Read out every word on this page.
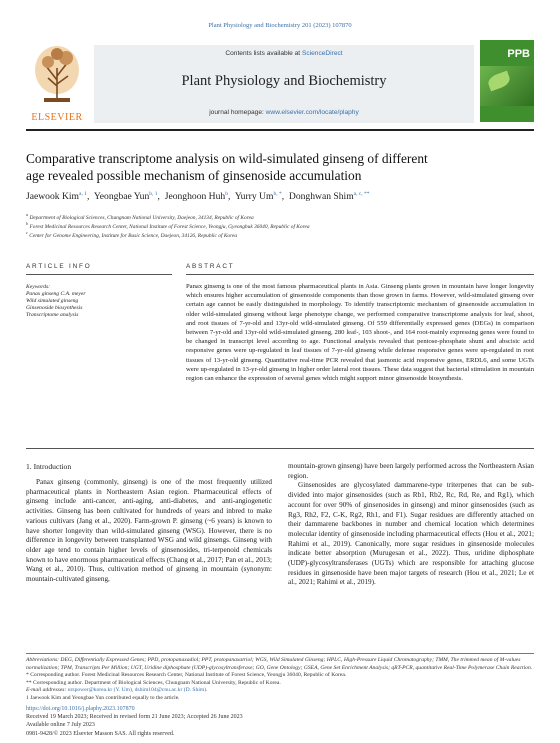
Plant Physiology and Biochemistry 201 (2023) 107870
ELSEVIER
Contents lists available at ScienceDirect
Plant Physiology and Biochemistry
journal homepage: www.elsevier.com/locate/plaphy
PPB
Comparative transcriptome analysis on wild-simulated ginseng of different
age revealed possible mechanism of ginsenoside accumulation
Jaewook Kim$^{a, 1}$,  Yeongbae Yun$^{b, 1}$,  Jeonghoon Huh$^b$,  Yurry $Um^{b, *}$,  Donghwan Shim$^{a, c, **}$
$^a$ Department of Biological Sciences, Chungnam National University, Daejeon, 34134, Republic of Korea
$^b$ Forest Medicinal Resources Research Center, National Institute of Forest Science, Yeongju, Gyeongbuk 36040, Republic of Korea
$^c$ Center for Genome Engineering, Institute for Basic Science, Daejeon, 34126, Republic of Korea
ARTICLE INFO
Keywords:
Panax ginseng C.A. meyer
Wild simulated ginseng
Ginsenoside biosynthesis
Transcriptome analysis
ABSTRACT
Panax ginseng is one of the most famous pharmaceutical plants in Asia. Ginseng plants grown in mountain have longer longevity which ensures higher accumulation of ginsenoside components than those grown in farms. However, wild-simulated ginseng over certain age cannot be easily distinguished in morphology. To identify transcriptomic mechanism of ginsenoside accumulation in older wild-simulated ginseng without large phenotype change, we performed comparative transcriptome analysis for leaf, shoot, and root tissues of 7-yr-old and 13yr-old wild-simulated ginseng. Of 559 differentially expressed genes (DEGs) in comparison between 7-yr-old and 13yr-old wild-simulated ginseng, 280 leaf-, 103 shoot-, and 164 root-mainly expressing genes were found to be changed in transcript level according to age. Functional analysis revealed that pentose-phosphate shunt and abscisic acid responsive genes were up-regulated in leaf tissues of 7-yr-old ginseng while defense responsive genes were up-regulated in root tissues of 13-yr-old ginseng. Quantitative real-time PCR revealed that jasmonic acid responsive genes, ERDL6, and some UGTs were up-regulated in 13-yr-old ginseng in higher order lateral root tissues. These data suggest that bacterial stimulation in mountain region can enhance the expression of several genes which might support minor ginsenoside biosynthesis.
1. Introduction
Panax ginseng (commonly, ginseng) is one of the most frequently utilized pharmaceutical plants in Northeastern Asian region. Pharmaceutical effects of ginseng include anti-cancer, anti-aging, anti-diabetes, and anti-angiogenetic activities. Ginseng has been cultivated for hundreds of years and inbred to make various cultivars (Jang et al., 2020). Farm-grown P. ginseng (~6 years) is known to have shorter longevity than wild-simulated ginseng (WSG). However, there is no difference in longevity between transplanted WSG and wild ginsengs. Ginseng with older age tend to contain higher levels of ginsenosides, tri-terpenoid chemicals known to have enormous pharmaceutical effects (Chang et al., 2017; Pan et al., 2013; Wang et al., 2010). Thus, cultivation method of ginseng in mountain (synonym: mountain-cultivated ginseng,
mountain-grown ginseng) have been largely performed across the Northeastern Asian region.
Ginsenosides are glycosylated dammarene-type triterpenes that can be sub-divided into major ginsenosides (such as Rb1, Rb2, Rc, Rd, Re, and Rg1), which account for over 90% of ginsenosides in ginseng) and minor ginsenosides (such as Rg3, Rh2, F2, C-K, Rg2, Rh1, and F1). Sugar residues are differently attached on their dammarene backbones in number and chemical location which determines molecular identity of ginsenoside including pharmaceutical effects (Hou et al., 2021; Rahimi et al., 2019). Canonically, more sugar residues in ginsenoside molecules indicate better absorption (Murugesan et al., 2022). Thus, uridine diphosphate (UDP)-glycosyltransferases (UGTs) which are responsible for attaching glucose residues in ginsenoside have been major targets of research (Hou et al., 2021; Le et al., 2021; Rahimi et al., 2019).
Abbreviations: DEG, Differentially Expressed Genes; PPD, protopanaxadiol; PPT, protopanaxatriol; WGS, Wild Simulated Ginseng; HPLC, High-Pressure Liquid Chromatography; TMM, The trimmed mean of M-values normalization; TPM, Transcripts Per Million; UGT, Uridine diphosphate (UDP)-glycosyltransferase; GO, Gene Ontology; GSEA, Gene Set Enrichment Analysis; qRT-PCR, quantitative Real-Time Polymerase Chain Reaction.
* Corresponding author. Forest Medicinal Resources Research Center, National Institute of Forest Science, Yeongju 36040, Republic of Korea.
** Corresponding author. Department of Biological Sciences, Chungnam National University, Republic of Korea.
E-mail addresses: urspower@korea.kr (Y. Um), dshim104@cnu.ac.kr (D. Shim).
1 Jaewook Kim and Yeongbae Yun contributed equally to the article.
https://doi.org/10.1016/j.plaphy.2023.107870
Received 19 March 2023; Received in revised form 21 June 2023; Accepted 26 June 2023
Available online 7 July 2023
0981-9428/© 2023 Elsevier Masson SAS. All rights reserved.
